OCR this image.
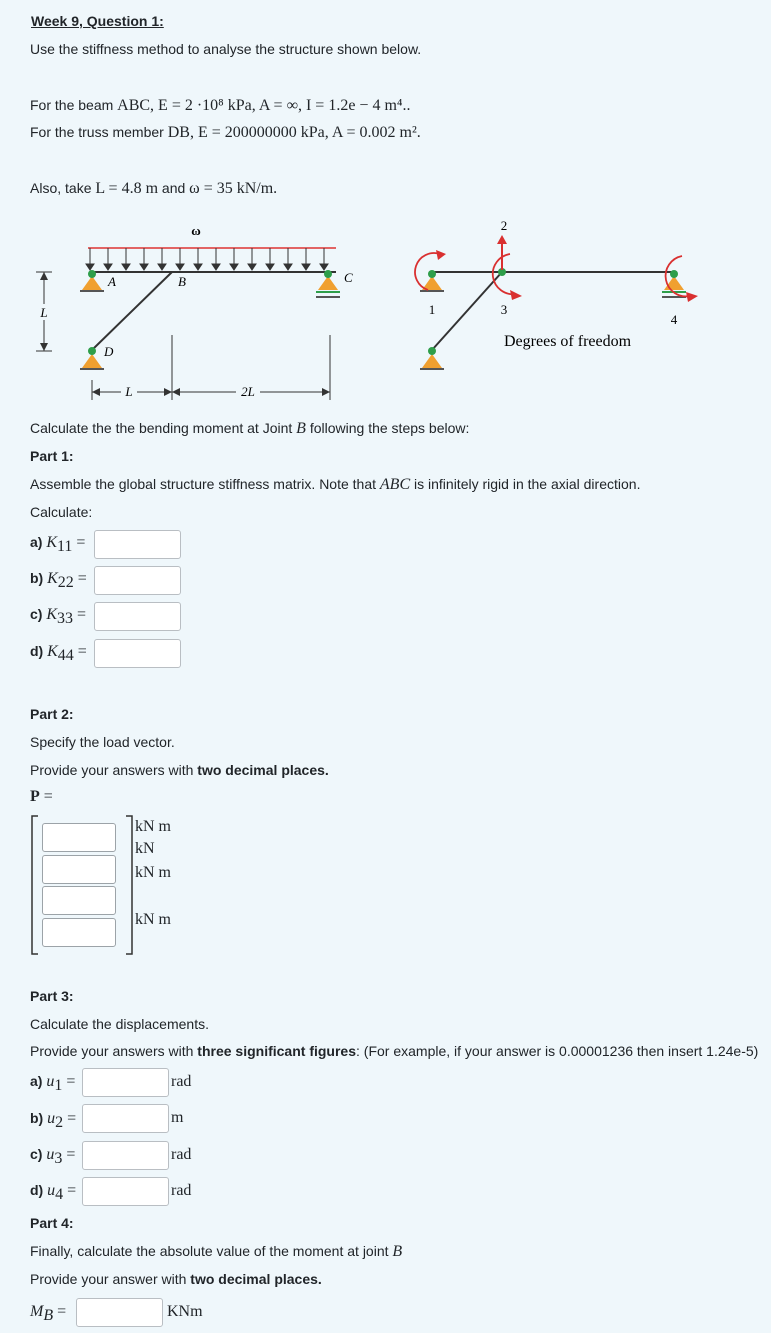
Week 9, Question 1:
Use the stiffness method to analyse the structure shown below.
For the beam ABC, E = 2 ·10⁸ kPa, A = ∞, I = 1.2e − 4 m⁴..
For the truss member DB, E = 200000000 kPa, A = 0.002 m².
Also, take L = 4.8 m and ω = 35 kN/m.
ω
A	B	C
D
L
L	2L
1
2
3
4
Degrees of freedom
Calculate the the bending moment at Joint B following the steps below:
Part 1:
Assemble the global structure stiffness matrix. Note that ABC is infinitely rigid in the axial direction.
Calculate:
a) $K_{11}$ =
b) $K_{22}$ =
c) $K_{33}$ =
d) $K_{44}$ =
Part 2:
Specify the load vector.
Provide your answers with two decimal places.
P =
kN m
kN
kN m
kN m
Part 3:
Calculate the displacements.
Provide your answers with three significant figures: (For example, if your answer is 0.00001236 then insert 1.24e-5)
a) $u_1$ =	rad
b) $u_2$ =	m
c) $u_3$ =	rad
d) $u_4$ =	rad
Part 4:
Finally, calculate the absolute value of the moment at joint B
Provide your answer with two decimal places.
$M_B$ =	KNm
